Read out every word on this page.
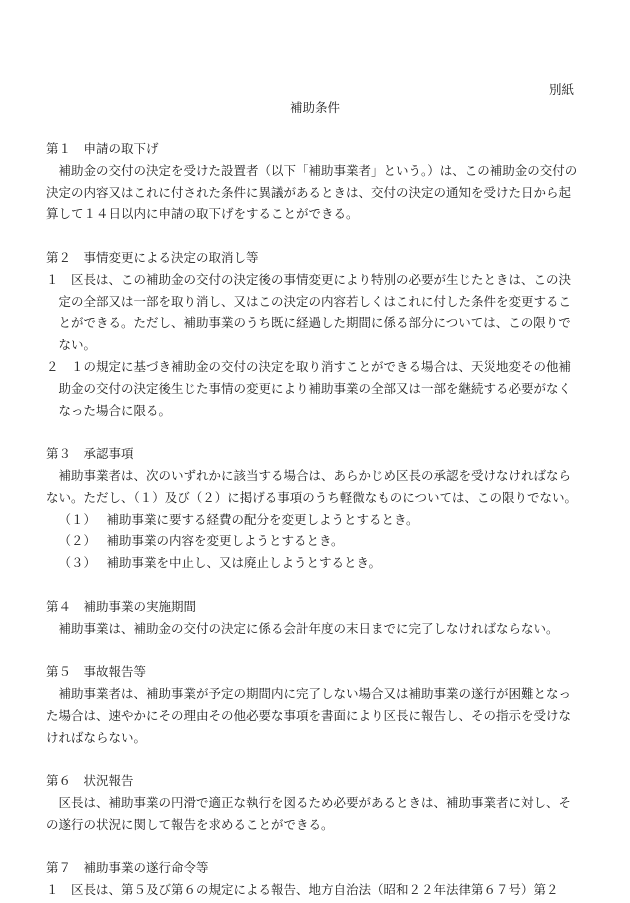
別紙
補助条件

第１　申請の取下げ

補助金の交付の決定を受けた設置者（以下「補助事業者」という。）は、この補助金の交付の決定の内容又はこれに付された条件に異議があるときは、交付の決定の通知を受けた日から起算して１４日以内に申請の取下げをすることができる。

第２　事情変更による決定の取消し等

１　区長は、この補助金の交付の決定後の事情変更により特別の必要が生じたときは、この決定の全部又は一部を取り消し、又はこの決定の内容若しくはこれに付した条件を変更することができる。ただし、補助事業のうち既に経過した期間に係る部分については、この限りでない。

２　１の規定に基づき補助金の交付の決定を取り消すことができる場合は、天災地変その他補助金の交付の決定後生じた事情の変更により補助事業の全部又は一部を継続する必要がなくなった場合に限る。

第３　承認事項

補助事業者は、次のいずれかに該当する場合は、あらかじめ区長の承認を受けなければならない。ただし、（１）及び（２）に掲げる事項のうち軽微なものについては、この限りでない。

（１） 補助事業に要する経費の配分を変更しようとするとき。

（２） 補助事業の内容を変更しようとするとき。

（３） 補助事業を中止し、又は廃止しようとするとき。

第４　補助事業の実施期間

補助事業は、補助金の交付の決定に係る会計年度の末日までに完了しなければならない。

第５　事故報告等

補助事業者は、補助事業が予定の期間内に完了しない場合又は補助事業の遂行が困難となった場合は、速やかにその理由その他必要な事項を書面により区長に報告し、その指示を受けなければならない。

第６　状況報告

区長は、補助事業の円滑で適正な執行を図るため必要があるときは、補助事業者に対し、その遂行の状況に関して報告を求めることができる。

第７　補助事業の遂行命令等

１　区長は、第５及び第６の規定による報告、地方自治法（昭和２２年法律第６７号）第２
